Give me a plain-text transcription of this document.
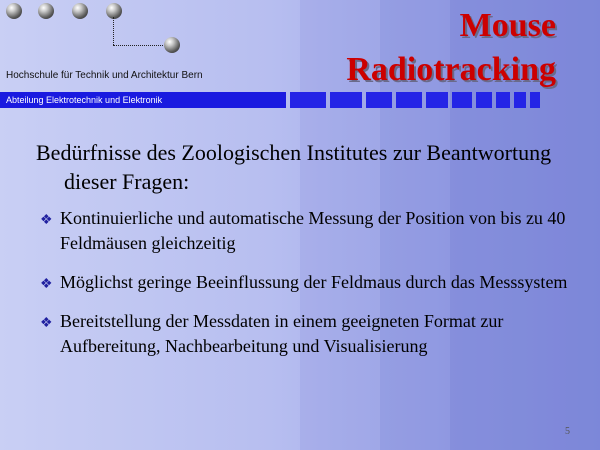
Hochschule für Technik und Architektur Bern

Abteilung Elektrotechnik und Elektronik
Mouse
Radiotracking

Bedürfnisse des Zoologischen Institutes zur Beantwortung dieser Fragen:

❖ Kontinuierliche und automatische Messung der Position von bis zu 40 Feldmäusen gleichzeitig
❖ Möglichst geringe Beeinflussung der Feldmaus durch das Messsystem
❖ Bereitstellung der Messdaten in einem geeigneten Format zur Aufbereitung, Nachbearbeitung und Visualisierung
5
